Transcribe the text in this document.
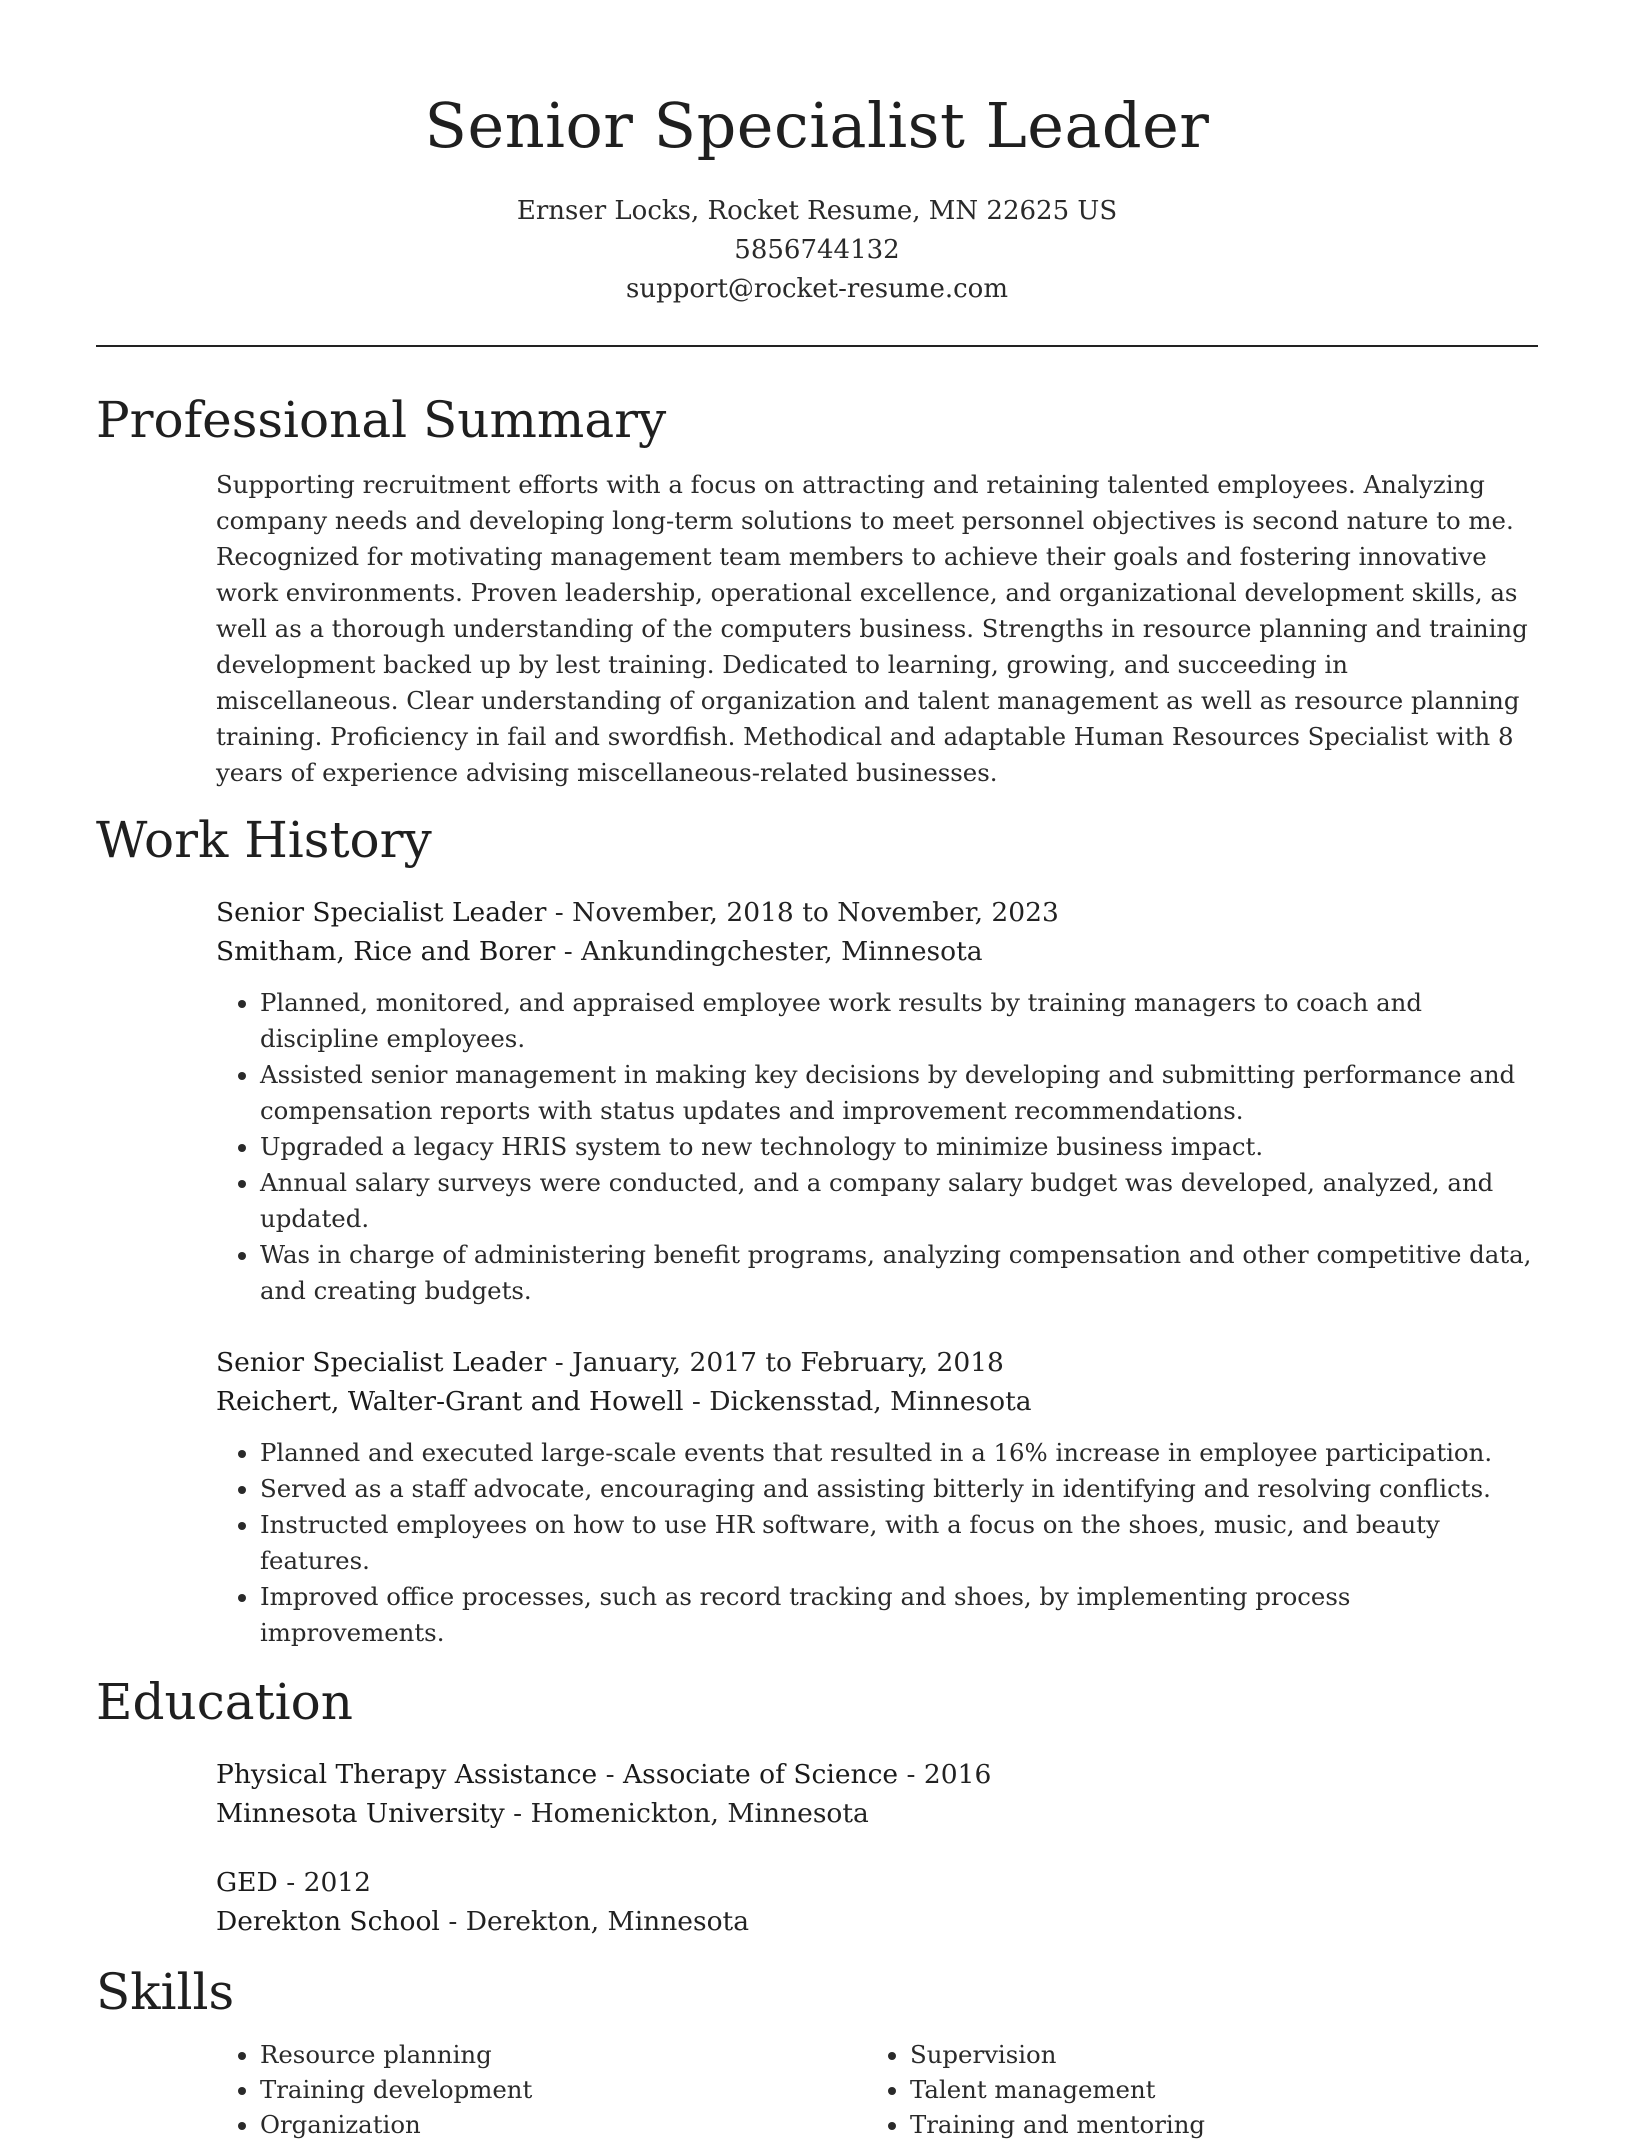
Senior Specialist Leader
Ernser Locks, Rocket Resume, MN 22625 US
5856744132
support@rocket-resume.com
Professional Summary
Supporting recruitment efforts with a focus on attracting and retaining talented employees. Analyzing company needs and developing long-term solutions to meet personnel objectives is second nature to me. Recognized for motivating management team members to achieve their goals and fostering innovative work environments. Proven leadership, operational excellence, and organizational development skills, as well as a thorough understanding of the computers business. Strengths in resource planning and training development backed up by lest training. Dedicated to learning, growing, and succeeding in miscellaneous. Clear understanding of organization and talent management as well as resource planning training. Proficiency in fail and swordfish. Methodical and adaptable Human Resources Specialist with 8 years of experience advising miscellaneous-related businesses.
Work History
Senior Specialist Leader - November, 2018 to November, 2023
Smitham, Rice and Borer - Ankundingchester, Minnesota
• Planned, monitored, and appraised employee work results by training managers to coach and discipline employees.
• Assisted senior management in making key decisions by developing and submitting performance and compensation reports with status updates and improvement recommendations.
• Upgraded a legacy HRIS system to new technology to minimize business impact.
• Annual salary surveys were conducted, and a company salary budget was developed, analyzed, and updated.
• Was in charge of administering benefit programs, analyzing compensation and other competitive data, and creating budgets.
Senior Specialist Leader - January, 2017 to February, 2018
Reichert, Walter-Grant and Howell - Dickensstad, Minnesota
• Planned and executed large-scale events that resulted in a 16% increase in employee participation.
• Served as a staff advocate, encouraging and assisting bitterly in identifying and resolving conflicts.
• Instructed employees on how to use HR software, with a focus on the shoes, music, and beauty features.
• Improved office processes, such as record tracking and shoes, by implementing process improvements.
Education
Physical Therapy Assistance - Associate of Science - 2016
Minnesota University - Homenickton, Minnesota
GED - 2012
Derekton School - Derekton, Minnesota
Skills
• Resource planning
• Training development
• Organization
• Supervision
• Talent management
• Training and mentoring
